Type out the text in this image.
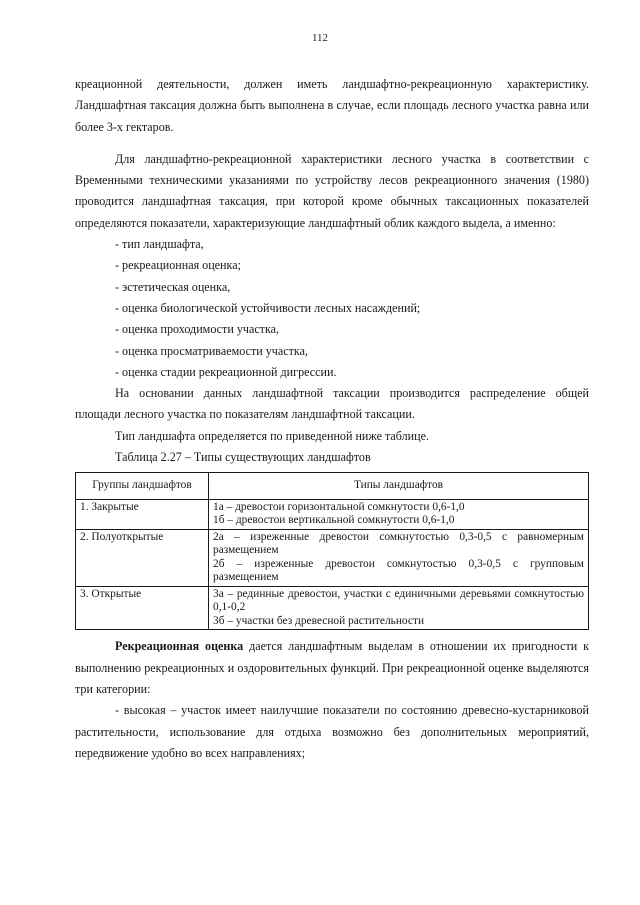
112

креационной деятельности, должен иметь ландшафтно-рекреационную характеристику. Ландшафтная таксация должна быть выполнена в случае, если площадь лесного участка равна или более 3-х гектаров.

Для ландшафтно-рекреационной характеристики лесного участка в соответствии с Временными техническими указаниями по устройству лесов рекреационного значения (1980) проводится ландшафтная таксация, при которой кроме обычных таксационных показателей определяются показатели, характеризующие ландшафтный облик каждого выдела, а именно:

- тип ландшафта,

- рекреационная оценка;

- эстетическая оценка,

- оценка биологической устойчивости лесных насаждений;

- оценка проходимости участка,

- оценка просматриваемости участка,

- оценка стадии рекреационной дигрессии.

На основании данных ландшафтной таксации производится распределение общей площади лесного участка по показателям ландшафтной таксации.

Тип ландшафта определяется по приведенной ниже таблице.

Таблица 2.27 – Типы существующих ландшафтов

Группы ландшафтов	Типы ландшафтов
1. Закрытые	1а – древостои горизонтальной сомкнутости 0,6-1,0
1б – древостои вертикальной сомкнутости 0,6-1,0

2. Полуоткрытые	2а – изреженные древостои сомкнутостью 0,3-0,5 с равномерным размещением
2б – изреженные древостои сомкнутостью 0,3-0,5 с групповым размещением

3. Открытые	3а – рединные древостои, участки с единичными деревьями сомкнутостью 0,1-0,2
3б – участки без древесной растительности

Рекреационная оценка дается ландшафтным выделам в отношении их пригодности к выполнению рекреационных и оздоровительных функций. При рекреационной оценке выделяются три категории:

- высокая – участок имеет наилучшие показатели по состоянию древесно-кустарниковой растительности, использование для отдыха возможно без дополнительных мероприятий, передвижение удобно во всех направлениях;
